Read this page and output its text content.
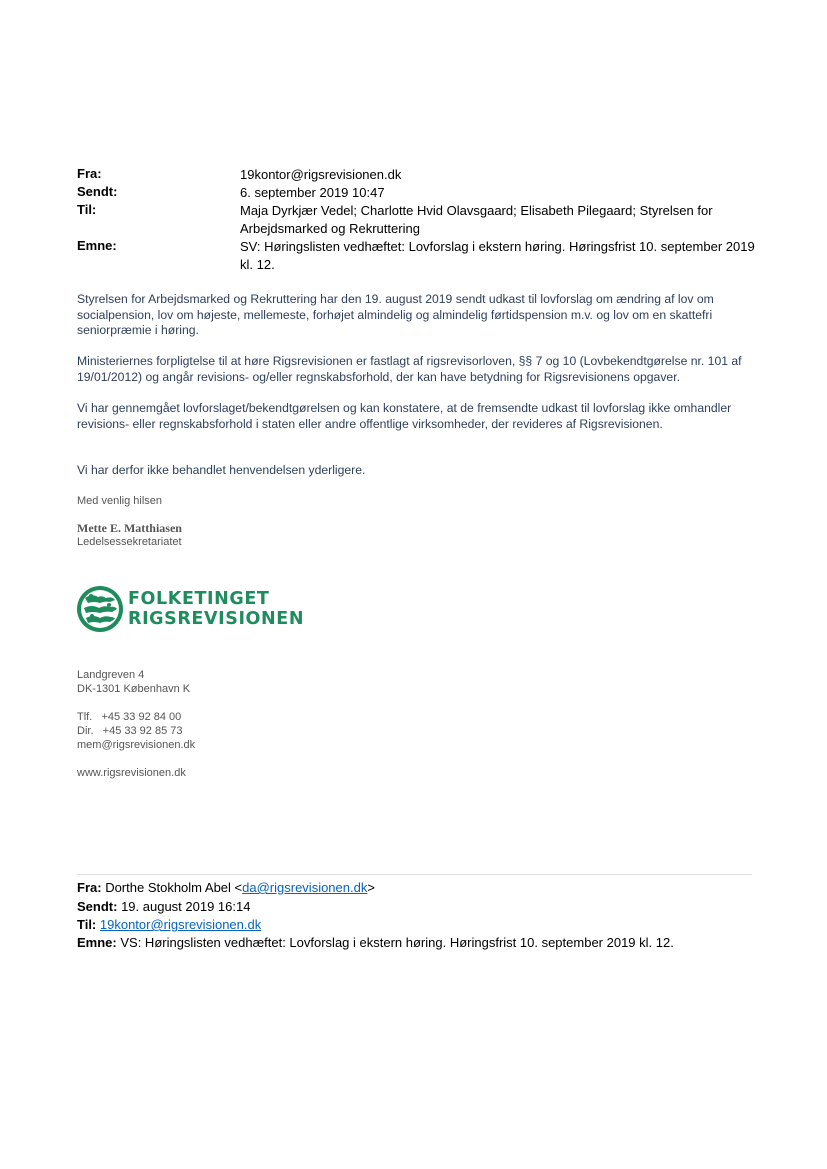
Fra:	19kontor@rigsrevisionen.dk
Sendt:	6. september 2019 10:47
Til:	Maja Dyrkjær Vedel; Charlotte Hvid Olavsgaard; Elisabeth Pilegaard; Styrelsen for Arbejdsmarked og Rekruttering
Emne:	SV: Høringslisten vedhæftet: Lovforslag i ekstern høring. Høringsfrist 10. september 2019 kl. 12.
Styrelsen for Arbejdsmarked og Rekruttering har den 19. august 2019 sendt udkast til lovforslag om ændring af lov om socialpension, lov om højeste, mellemeste, forhøjet almindelig og almindelig førtidspension m.v. og lov om en skattefri seniorpræmie i høring.
Ministeriernes forpligtelse til at høre Rigsrevisionen er fastlagt af rigsrevisorloven, §§ 7 og 10 (Lovbekendtgørelse nr. 101 af 19/01/2012) og angår revisions- og/eller regnskabsforhold, der kan have betydning for Rigsrevisionens opgaver.
Vi har gennemgået lovforslaget/bekendtgørelsen og kan konstatere, at de fremsendte udkast til lovforslag ikke omhandler revisions- eller regnskabsforhold i staten eller andre offentlige virksomheder, der revideres af Rigsrevisionen.
Vi har derfor ikke behandlet henvendelsen yderligere.
Med venlig hilsen
Mette E. Matthiasen
Ledelsessekretariatet
FOLKETINGET
RIGSREVISIONEN
Landgreven 4
DK-1301 København K
Tlf.   +45 33 92 84 00
Dir.   +45 33 92 85 73
mem@rigsrevisionen.dk
www.rigsrevisionen.dk
Fra: Dorthe Stokholm Abel <da@rigsrevisionen.dk>
Sendt: 19. august 2019 16:14
Til: 19kontor@rigsrevisionen.dk
Emne: VS: Høringslisten vedhæftet: Lovforslag i ekstern høring. Høringsfrist 10. september 2019 kl. 12.
